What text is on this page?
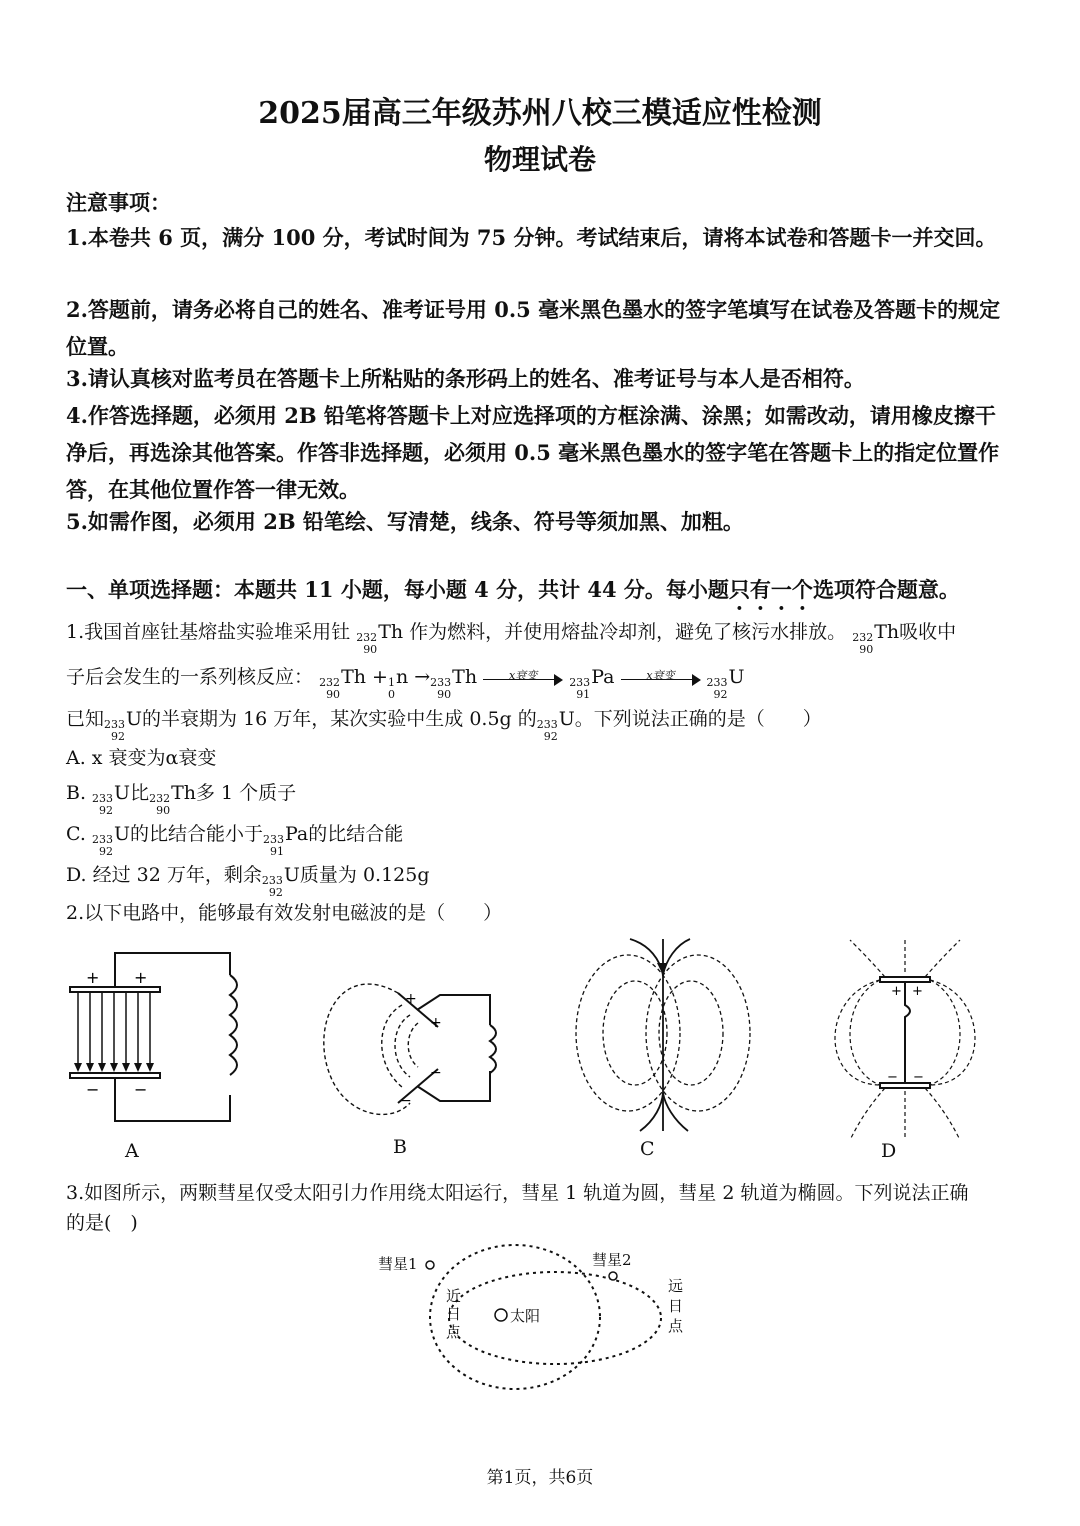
2025届高三年级苏州八校三模适应性检测
物理试卷
注意事项：
1.本卷共 6 页，满分 100 分，考试时间为 75 分钟。考试结束后，请将本试卷和答题卡一并交回。
2.答题前，请务必将自己的姓名、准考证号用 0.5 毫米黑色墨水的签字笔填写在试卷及答题卡的规定位置。
3.请认真核对监考员在答题卡上所粘贴的条形码上的姓名、准考证号与本人是否相符。
4.作答选择题，必须用 2B 铅笔将答题卡上对应选择项的方框涂满、涂黑；如需改动，请用橡皮擦干净后，再选涂其他答案。作答非选择题，必须用 0.5 毫米黑色墨水的签字笔在答题卡上的指定位置作答，在其他位置作答一律无效。
5.如需作图，必须用 2B 铅笔绘、写清楚，线条、符号等须加黑、加粗。
一、单项选择题：本题共 11 小题，每小题 4 分，共计 44 分。每小题只有一个选项符合题意。
1.我国首座钍基熔盐实验堆采用钍 232
90
Th 作为燃料，并使用熔盐冷却剂，避免了核污水排放。 232
90
Th吸收中
子后会发生的一系列核反应： 232
90
Th + 1
0
n → 233
90
Th	x衰变

233
91
Pa	x衰变

233
92
U
已知 233
92
U的半衰期为 16 万年，某次实验中生成 0.5g 的 233
92
U。下列说法正确的是（　　）
A. x 衰变为α衰变
B. 233
92
U比 232
90
Th多 1 个质子
C. 233
92
U的比结合能小于 233
91
Pa的比结合能
D. 经过 32 万年，剩余 233
92
U质量为 0.125g
2.以下电路中，能够最有效发射电磁波的是（　　）
+ +
− −
A
+
+
−
−
B	C
+ +
− −
D
3.如图所示，两颗彗星仅受太阳引力作用绕太阳运行，彗星 1 轨道为圆，彗星 2 轨道为椭圆。下列说法正确
的是(　)
彗星1	彗星2
太阳
近
日
点
远
日
点
第1页，共6页
